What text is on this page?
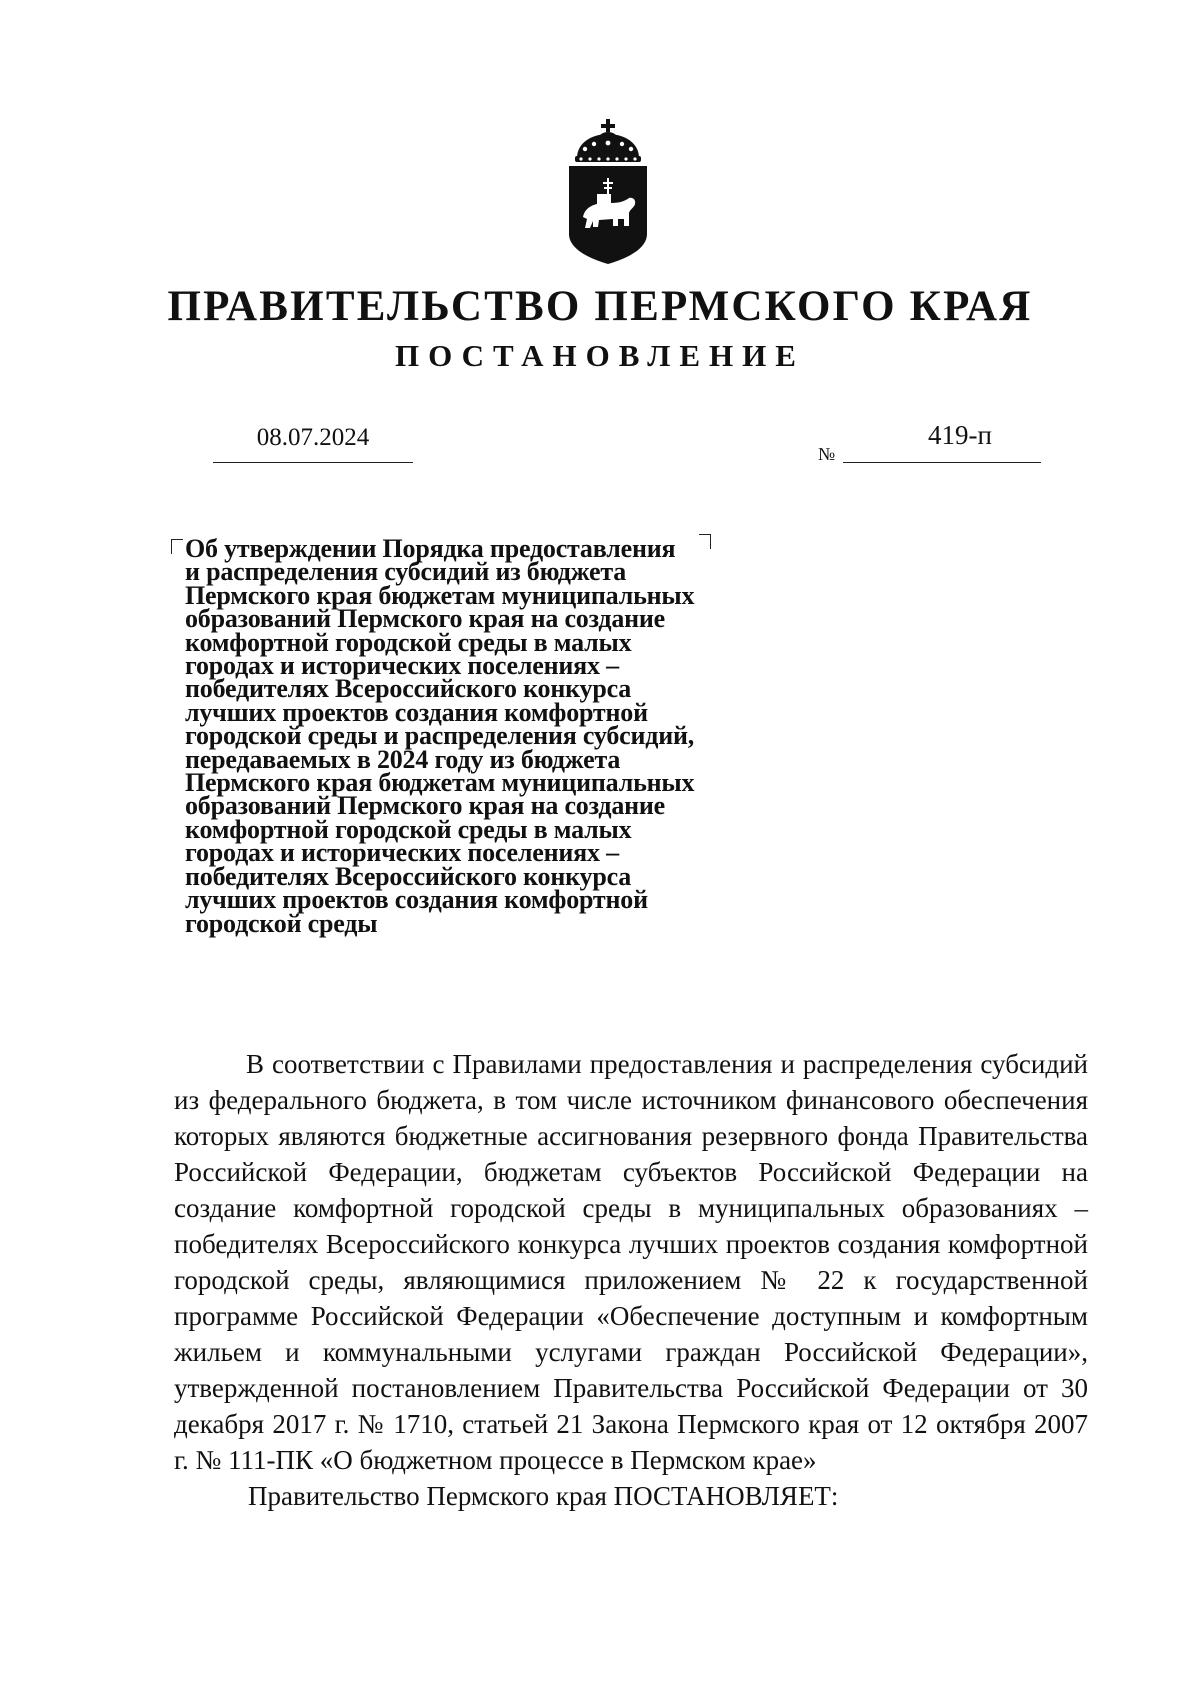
ПРАВИТЕЛЬСТВО ПЕРМСКОГО КРАЯ
ПОСТАНОВЛЕНИЕ
08.07.2024
№
419-п
Об утверждении Порядка предоставления
и распределения субсидий из бюджета
Пермского края бюджетам муниципальных
образований Пермского края на создание
комфортной городской среды в малых
городах и исторических поселениях –
победителях Всероссийского конкурса
лучших проектов создания комфортной
городской среды и распределения субсидий,
передаваемых в 2024 году из бюджета
Пермского края бюджетам муниципальных
образований Пермского края на создание
комфортной городской среды в малых
городах и исторических поселениях –
победителях Всероссийского конкурса
лучших проектов создания комфортной
городской среды

В соответствии с Правилами предоставления и распределения субсидий из федерального бюджета, в том числе источником финансового обеспечения которых являются бюджетные ассигнования резервного фонда Правительства Российской Федерации, бюджетам субъектов Российской Федерации на создание комфортной городской среды в муниципальных образованиях – победителях Всероссийского конкурса лучших проектов создания комфортной городской среды, являющимися приложением № 22 к государственной программе Российской Федерации «Обеспечение доступным и комфортным жильем и коммунальными услугами граждан Российской Федерации», утвержденной постановлением Правительства Российской Федерации от 30 декабря 2017 г. № 1710, статьей 21 Закона Пермского края от 12 октября 2007 г. № 111-ПК «О бюджетном процессе в Пермском крае»

Правительство Пермского края ПОСТАНОВЛЯЕТ:
